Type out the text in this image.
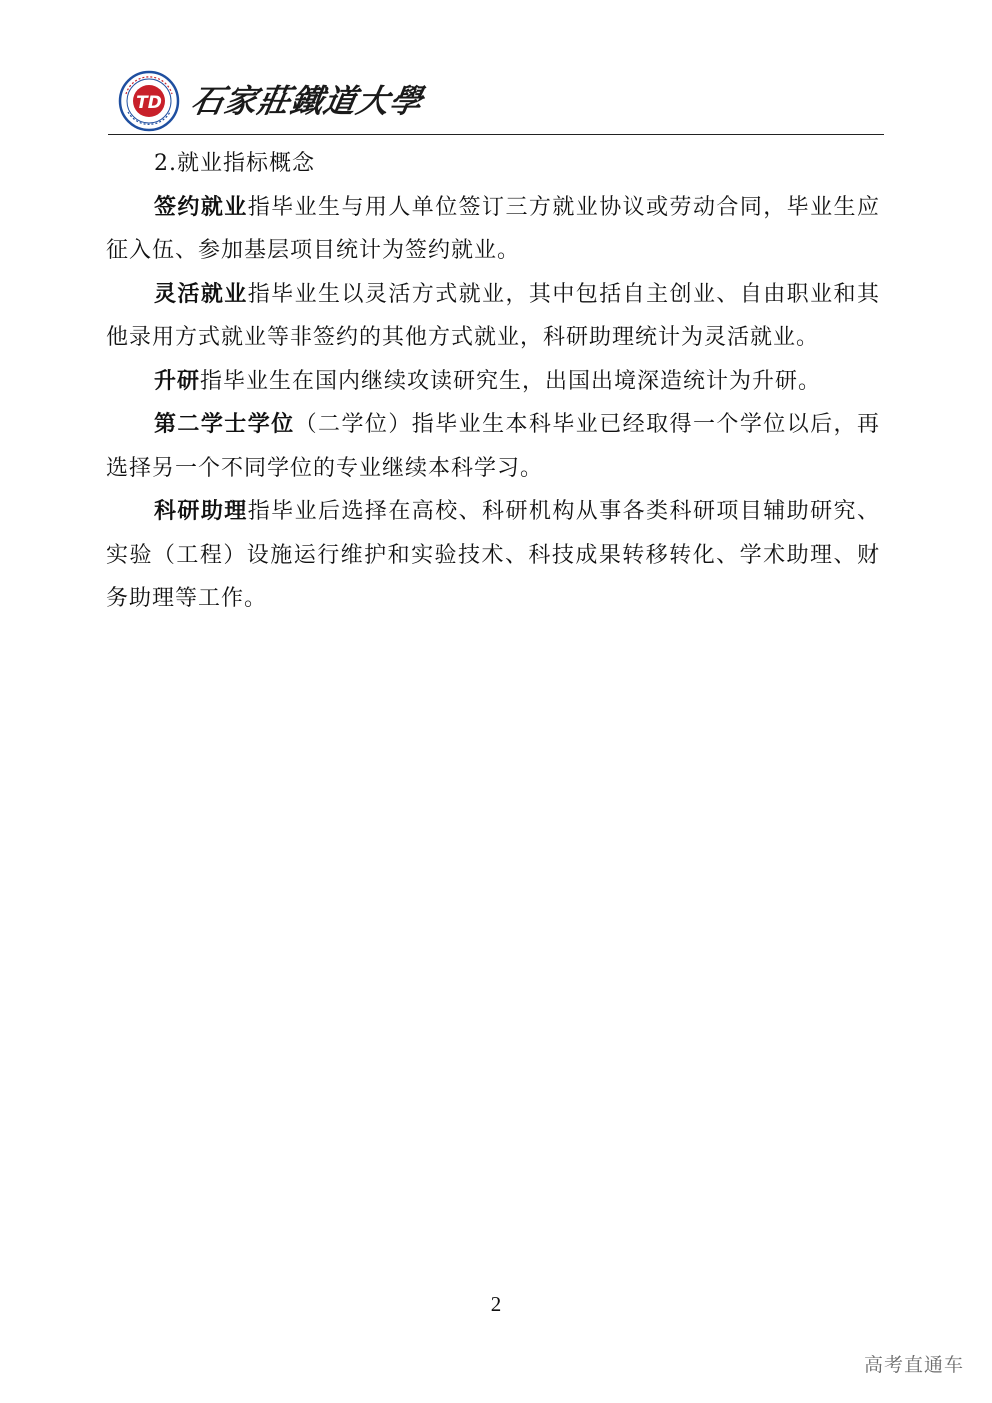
TD 石家莊鐵道大學

2.就业指标概念

签约就业指毕业生与用人单位签订三方就业协议或劳动合同，毕业生应征入伍、参加基层项目统计为签约就业。

灵活就业指毕业生以灵活方式就业，其中包括自主创业、自由职业和其他录用方式就业等非签约的其他方式就业，科研助理统计为灵活就业。

升研指毕业生在国内继续攻读研究生，出国出境深造统计为升研。

第二学士学位（二学位）指毕业生本科毕业已经取得一个学位以后，再选择另一个不同学位的专业继续本科学习。

科研助理指毕业后选择在高校、科研机构从事各类科研项目辅助研究、实验（工程）设施运行维护和实验技术、科技成果转移转化、学术助理、财务助理等工作。

2
高考直通车
